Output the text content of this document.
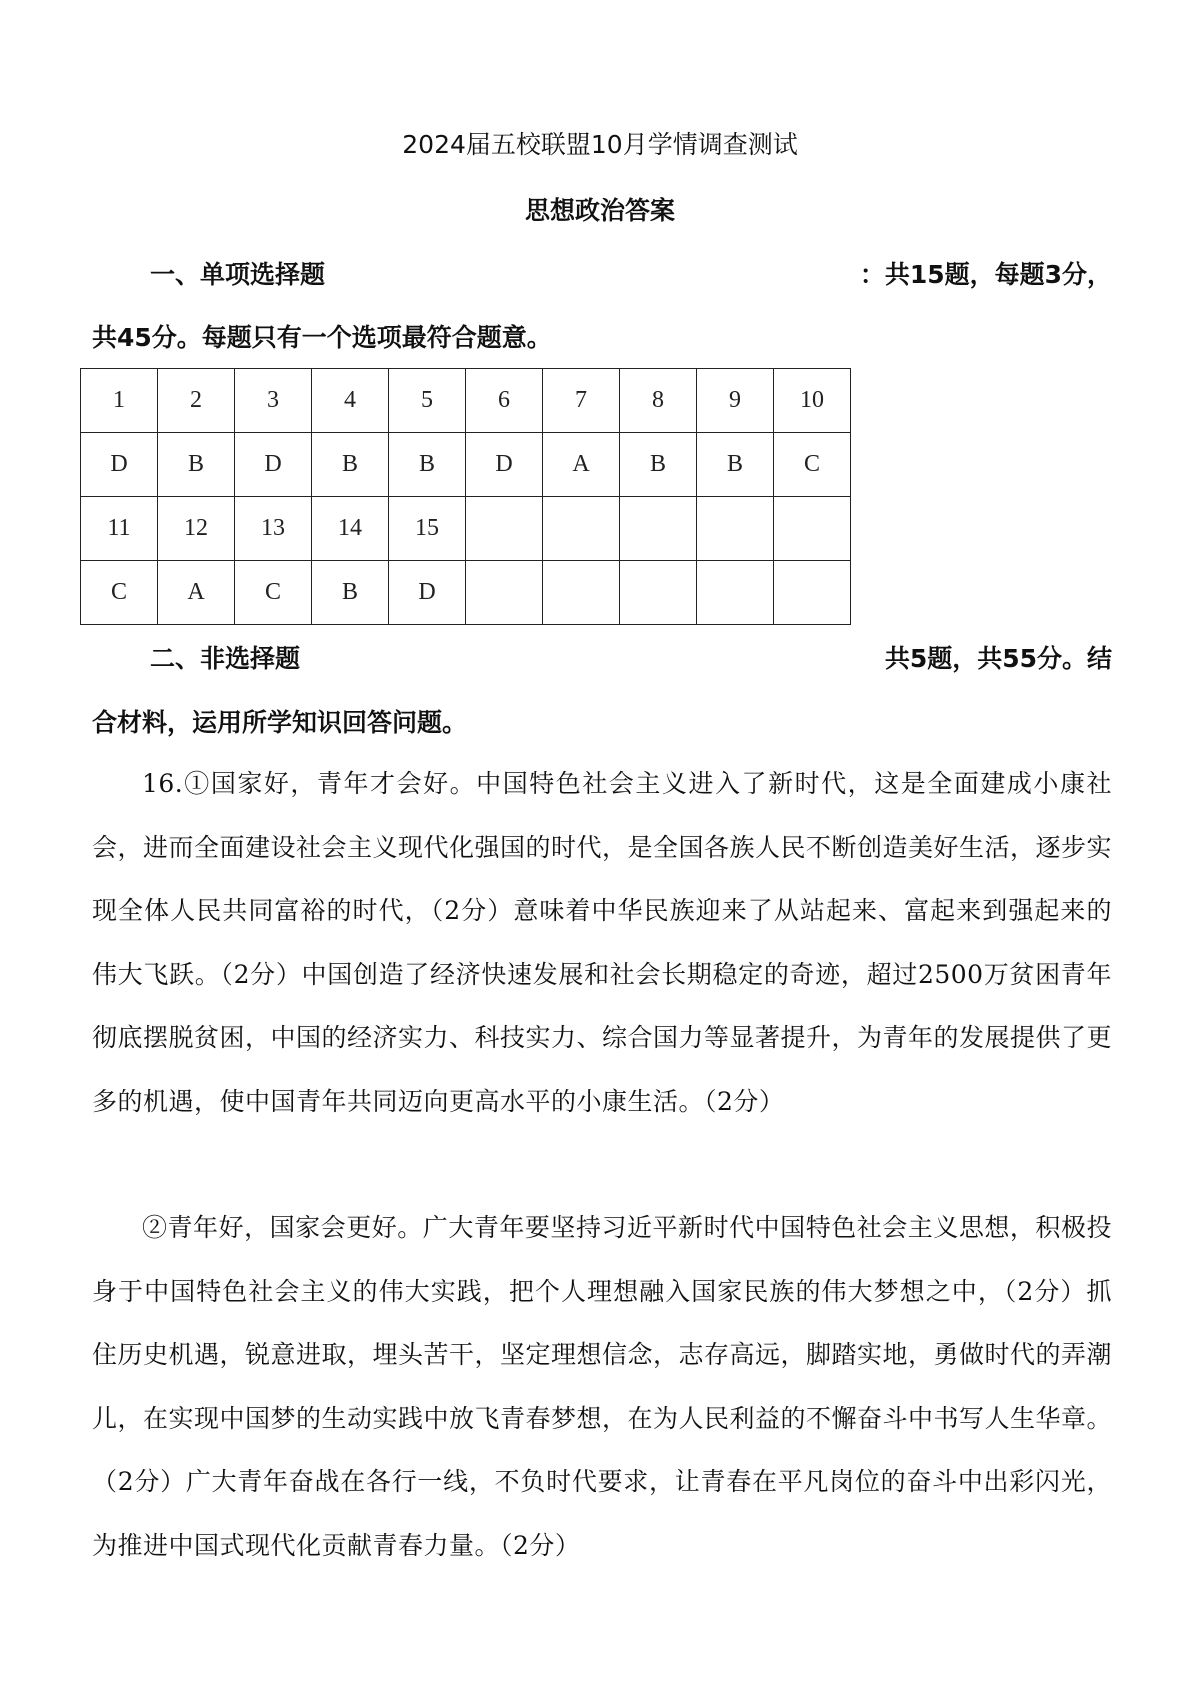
2024届五校联盟10月学情调查测试
思想政治答案
一、单项选择题	：共15题，每题3分，
共45分。每题只有一个选项最符合题意。
1	2	3	4	5	6	7	8	9	10
D	B	D	B	B	D	A	B	B	C
11	12	13	14	15					
C	A	C	B	D					
二、非选择题	共5题，共55分。结
合材料，运用所学知识回答问题。

16.①国家好，青年才会好。中国特色社会主义进入了新时代，这是全面建成小康社会，进而全面建设社会主义现代化强国的时代，是全国各族人民不断创造美好生活，逐步实现全体人民共同富裕的时代，（2分）意味着中华民族迎来了从站起来、富起来到强起来的伟大飞跃。（2分）中国创造了经济快速发展和社会长期稳定的奇迹，超过2500万贫困青年彻底摆脱贫困，中国的经济实力、科技实力、综合国力等显著提升，为青年的发展提供了更多的机遇，使中国青年共同迈向更高水平的小康生活。（2分）

②青年好，国家会更好。广大青年要坚持习近平新时代中国特色社会主义思想，积极投身于中国特色社会主义的伟大实践，把个人理想融入国家民族的伟大梦想之中，（2分）抓住历史机遇，锐意进取，埋头苦干，坚定理想信念，志存高远，脚踏实地，勇做时代的弄潮儿，在实现中国梦的生动实践中放飞青春梦想，在为人民利益的不懈奋斗中书写人生华章。（2分）广大青年奋战在各行一线，不负时代要求，让青春在平凡岗位的奋斗中出彩闪光，为推进中国式现代化贡献青春力量。（2分）
